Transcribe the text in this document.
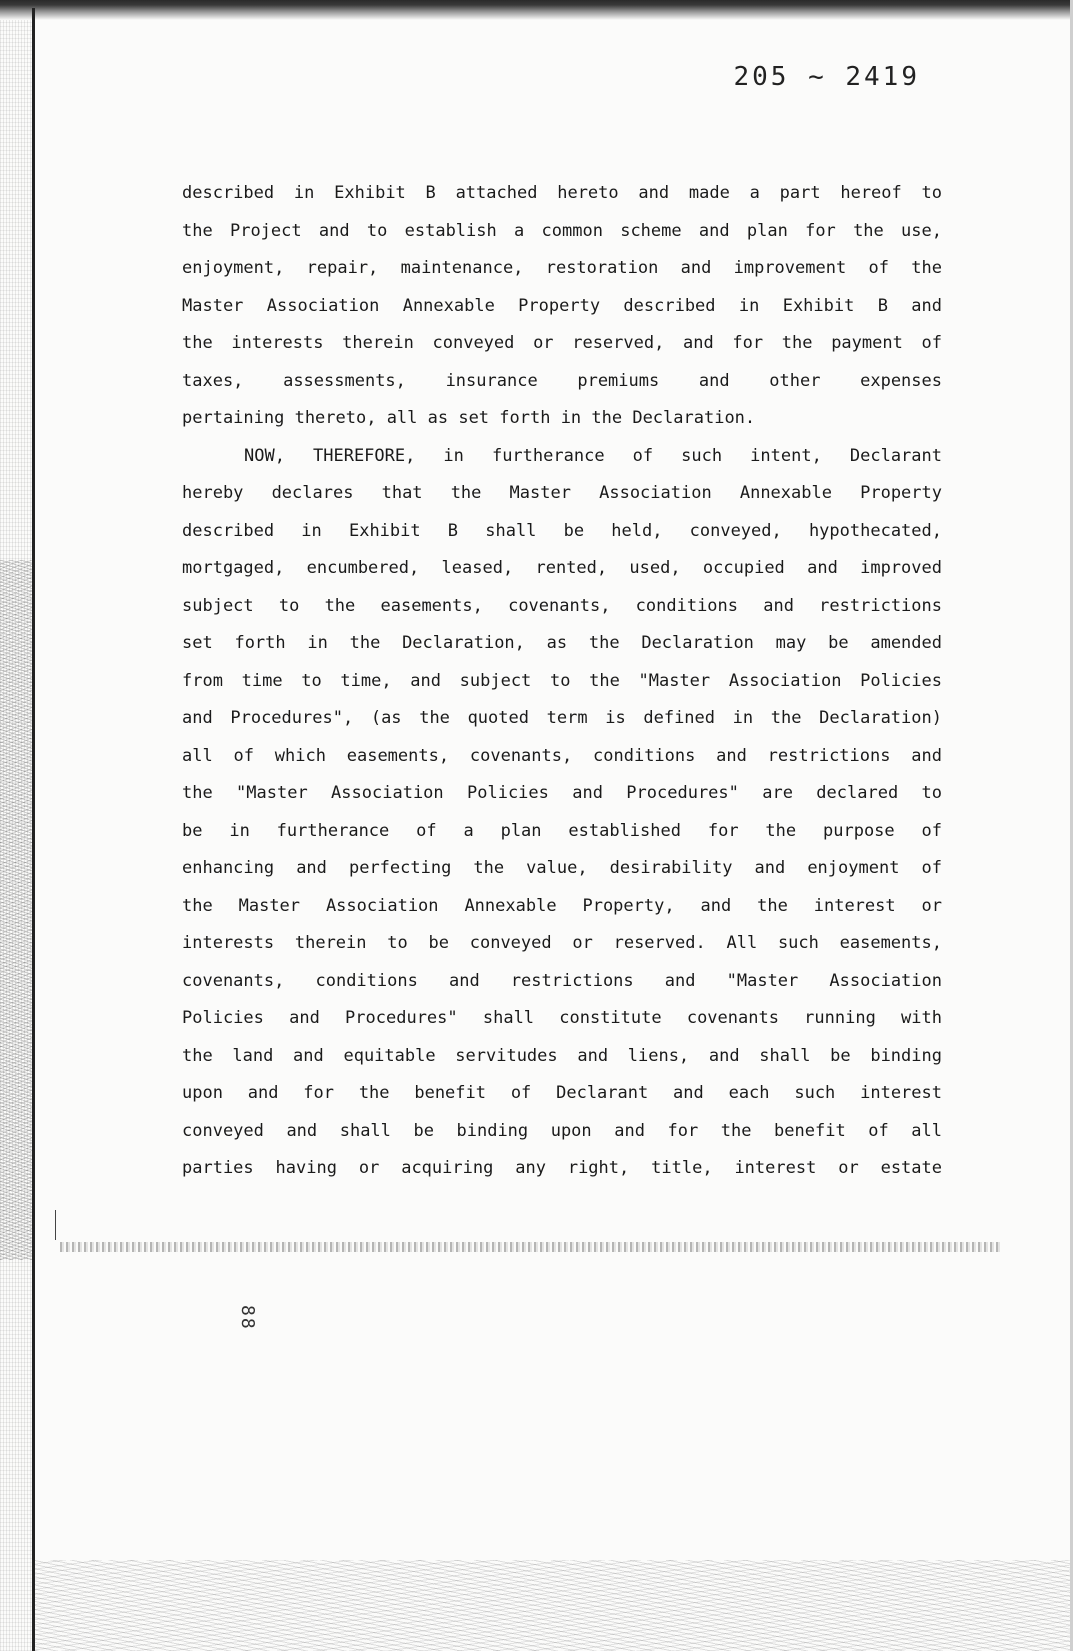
205 ~ 2419
described in Exhibit B attached hereto and made a part hereof to
the Project and to establish a common scheme and plan for the use,
enjoyment, repair, maintenance, restoration and improvement of the
Master Association Annexable Property described in Exhibit B and
the interests therein conveyed or reserved, and for the payment of
taxes, assessments, insurance premiums and other expenses
pertaining thereto, all as set forth in the Declaration.
NOW, THEREFORE, in furtherance of such intent, Declarant
hereby declares that the Master Association Annexable Property
described in Exhibit B shall be held, conveyed, hypothecated,
mortgaged, encumbered, leased, rented, used, occupied and improved
subject to the easements, covenants, conditions and restrictions
set forth in the Declaration, as the Declaration may be amended
from time to time, and subject to the "Master Association Policies
and Procedures", (as the quoted term is defined in the Declaration)
all of which easements, covenants, conditions and restrictions and
the "Master Association Policies and Procedures" are declared to
be in furtherance of a plan established for the purpose of
enhancing and perfecting the value, desirability and enjoyment of
the Master Association Annexable Property, and the interest or
interests therein to be conveyed or reserved. All such easements,
covenants, conditions and restrictions and "Master Association
Policies and Procedures" shall constitute covenants running with
the land and equitable servitudes and liens, and shall be binding
upon and for the benefit of Declarant and each such interest
conveyed and shall be binding upon and for the benefit of all
parties having or acquiring any right, title, interest or estate
88
